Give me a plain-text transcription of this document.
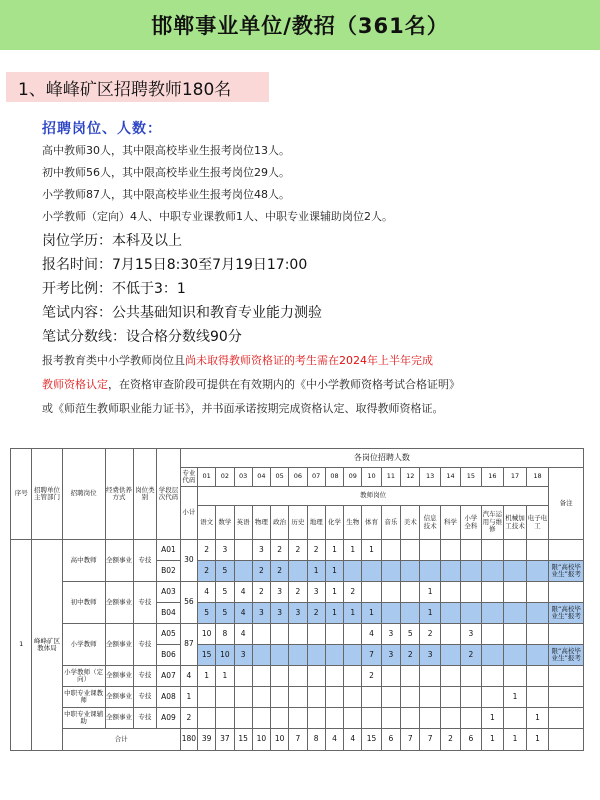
邯郸事业单位/教招（361名）
1、峰峰矿区招聘教师180名
招聘岗位、人数：
高中教师30人，其中限高校毕业生报考岗位13人。
初中教师56人，其中限高校毕业生报考岗位29人。
小学教师87人，其中限高校毕业生报考岗位48人。
小学教师（定向）4人、中职专业课教师1人、中职专业课辅助岗位2人。
岗位学历：本科及以上
报名时间：7月15日8:30至7月19日17:00
开考比例：不低于3：1
笔试内容：公共基础知识和教育专业能力测验
笔试分数线：设合格分数线90分
报考教育类中小学教师岗位且尚未取得教师资格证的考生需在2024年上半年完成
教师资格认定，在资格审查阶段可提供在有效期内的《中小学教师资格考试合格证明》
或《师范生教师职业能力证书》，并书面承诺按期完成资格认定、取得教师资格证。
序号	招聘单位主管部门	招聘岗位	经费供养方式	岗位类别	学段层次代码	各岗位招聘人数																			
						专业代码	01	02	03	04	05	06	07	08	09	10	11	12	13	14	15	16	17	18	备注
						小计	教师岗位																		
							语文	数学	英语	物理	政治	历史	地理	化学	生物	体育	音乐	美术	信息技术	科学	小学全科	汽车运用与维修	机械加工技术	电子电工	
1	峰峰矿区教体局	高中教师	全额事业	专技	A01	30	2	3		3	2	2	2	1	1	1									
					B02		2	5		2	2		1	1											限“高校毕业生”报考
		初中教师	全额事业	专技	A03	56	4	5	4	2	3	2	3	1	2				1						
					B04		5	5	4	3	3	3	2	1	1	1			1						限“高校毕业生”报考
		小学教师	全额事业	专技	A05	87	10	8	4							4	3	5	2		3				
					B06		15	10	3							7	3	2	3		2				限“高校毕业生”报考
		小学教师（定向）	全额事业	专技	A07	4	1	1								2									
		中职专业课教师	全额事业	专技	A08	1																	1		
		中职专业课辅助	全额事业	专技	A09	2																1		1	
		合计				180	39	37	15	10	10	7	8	4	4	15	6	7	7	2	6	1	1	1	
